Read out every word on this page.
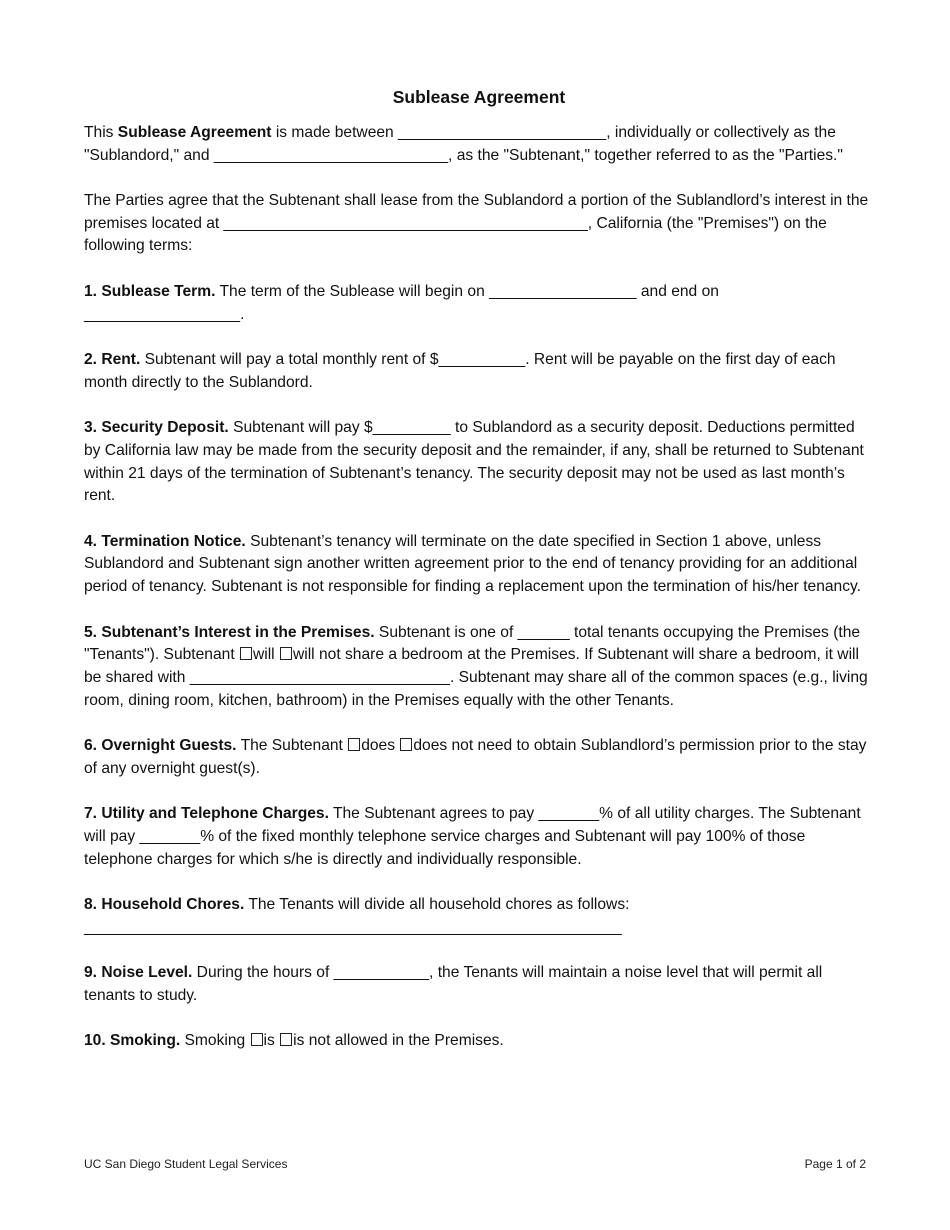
Sublease Agreement

This Sublease Agreement is made between ________________________, individually or collectively as the "Sublandord," and ___________________________, as the "Subtenant," together referred to as the "Parties."

The Parties agree that the Subtenant shall lease from the Sublandord a portion of the Sublandlord’s interest in the premises located at __________________________________________, California (the "Premises") on the following terms:

1. Sublease Term. The term of the Sublease will begin on _________________ and end on __________________.

2. Rent. Subtenant will pay a total monthly rent of $__________. Rent will be payable on the first day of each month directly to the Sublandord.

3. Security Deposit. Subtenant will pay $_________ to Sublandord as a security deposit. Deductions permitted by California law may be made from the security deposit and the remainder, if any, shall be returned to Subtenant within 21 days of the termination of Subtenant’s tenancy. The security deposit may not be used as last month’s rent.

4. Termination Notice. Subtenant’s tenancy will terminate on the date specified in Section 1 above, unless Sublandord and Subtenant sign another written agreement prior to the end of tenancy providing for an additional period of tenancy. Subtenant is not responsible for finding a replacement upon the termination of his/her tenancy.

5. Subtenant’s Interest in the Premises. Subtenant is one of ______ total tenants occupying the Premises (the "Tenants"). Subtenant will will not share a bedroom at the Premises. If Subtenant will share a bedroom, it will be shared with ______________________________. Subtenant may share all of the common spaces (e.g., living room, dining room, kitchen, bathroom) in the Premises equally with the other Tenants.

6. Overnight Guests. The Subtenant does does not need to obtain Sublandlord’s permission prior to the stay of any overnight guest(s).

7. Utility and Telephone Charges. The Subtenant agrees to pay _______% of all utility charges. The Subtenant will pay _______% of the fixed monthly telephone service charges and Subtenant will pay 100% of those telephone charges for which s/he is directly and individually responsible.

8. Household Chores. The Tenants will divide all household chores as follows:
______________________________________________________________

9. Noise Level. During the hours of ___________, the Tenants will maintain a noise level that will permit all tenants to study.

10. Smoking. Smoking is is not allowed in the Premises.

UC San Diego Student Legal Services	Page 1 of 2
